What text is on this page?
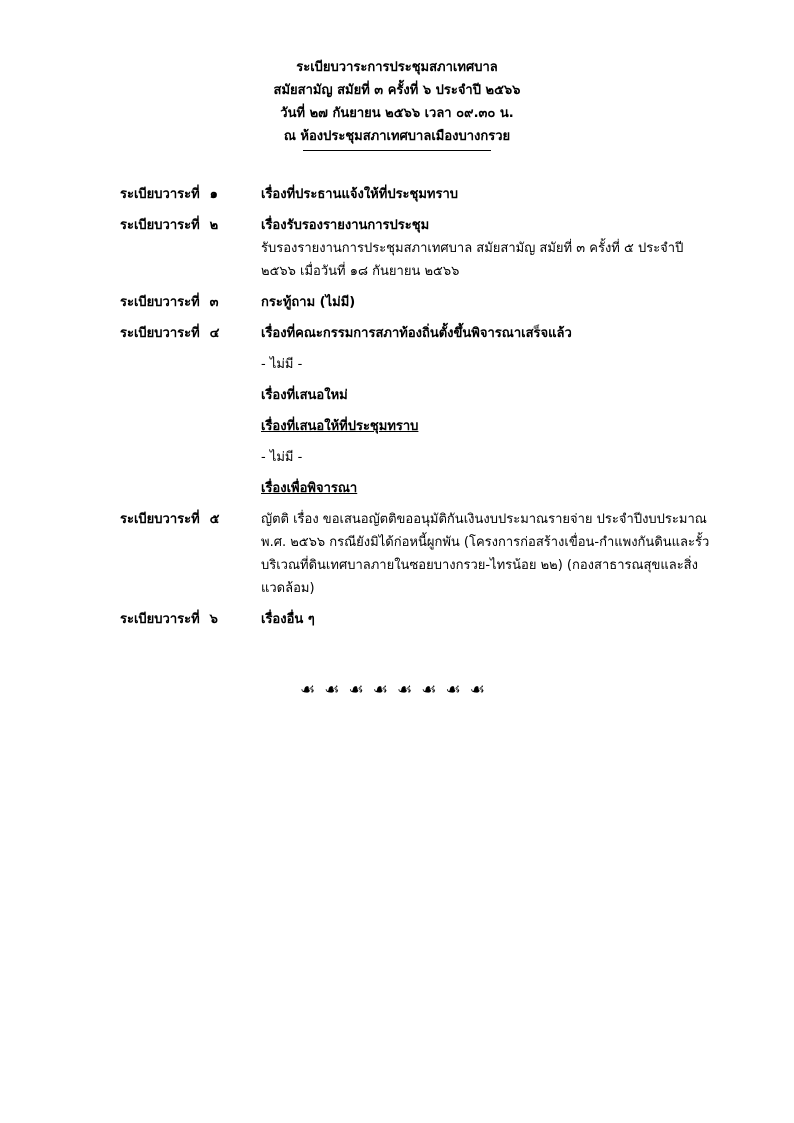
ระเบียบวาระการประชุมสภาเทศบาล
สมัยสามัญ สมัยที่ ๓ ครั้งที่ ๖ ประจำปี ๒๕๖๖
วันที่ ๒๗ กันยายน ๒๕๖๖ เวลา ๐๙.๓๐ น.
ณ ห้องประชุมสภาเทศบาลเมืองบางกรวย
ระเบียบวาระที่ ๑	เรื่องที่ประธานแจ้งให้ที่ประชุมทราบ
ระเบียบวาระที่ ๒	เรื่องรับรองรายงานการประชุม
รับรองรายงานการประชุมสภาเทศบาล สมัยสามัญ สมัยที่ ๓ ครั้งที่ ๕ ประจำปี ๒๕๖๖ เมื่อวันที่ ๑๘ กันยายน ๒๕๖๖
ระเบียบวาระที่ ๓	กระทู้ถาม (ไม่มี)
ระเบียบวาระที่ ๔	เรื่องที่คณะกรรมการสภาท้องถิ่นตั้งขึ้นพิจารณาเสร็จแล้ว
- ไม่มี -
เรื่องที่เสนอใหม่
เรื่องที่เสนอให้ที่ประชุมทราบ
- ไม่มี -
เรื่องเพื่อพิจารณา
ระเบียบวาระที่ ๕	ญัตติ เรื่อง ขอเสนอญัตติขออนุมัติกันเงินงบประมาณรายจ่าย ประจำปีงบประมาณ พ.ศ. ๒๕๖๖ กรณียังมิได้ก่อหนี้ผูกพัน (โครงการก่อสร้างเขื่อน-กำแพงกันดินและรั้วบริเวณที่ดินเทศบาลภายในซอยบางกรวย-ไทรน้อย ๒๒) (กองสาธารณสุขและสิ่งแวดล้อม)
ระเบียบวาระที่ ๖	เรื่องอื่น ๆ
☙☙☙☙☙☙☙☙
